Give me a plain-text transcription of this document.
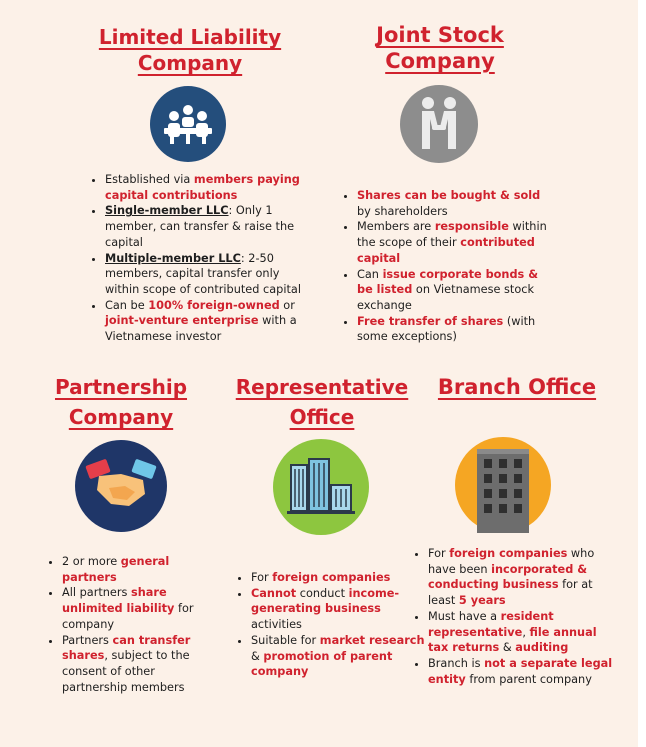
Limited Liability
Company
• Established via members paying capital contributions
• Single-member LLC: Only 1 member, can transfer & raise the capital
• Multiple-member LLC: 2-50 members, capital transfer only within scope of contributed capital
• Can be 100% foreign-owned or joint-venture enterprise with a Vietnamese investor
Joint Stock
Company
• Shares can be bought & sold by shareholders
• Members are responsible within the scope of their contributed capital
• Can issue corporate bonds & be listed on Vietnamese stock exchange
• Free transfer of shares (with some exceptions)
Partnership
Company
• 2 or more general partners
• All partners share unlimited liability for company
• Partners can transfer shares, subject to the consent of other partnership members
Representative
Office
• For foreign companies
• Cannot conduct income-generating business activities
• Suitable for market research & promotion of parent company
Branch Office
• For foreign companies who have been incorporated & conducting business for at least 5 years
• Must have a resident representative, file annual tax returns & auditing
• Branch is not a separate legal entity from parent company
